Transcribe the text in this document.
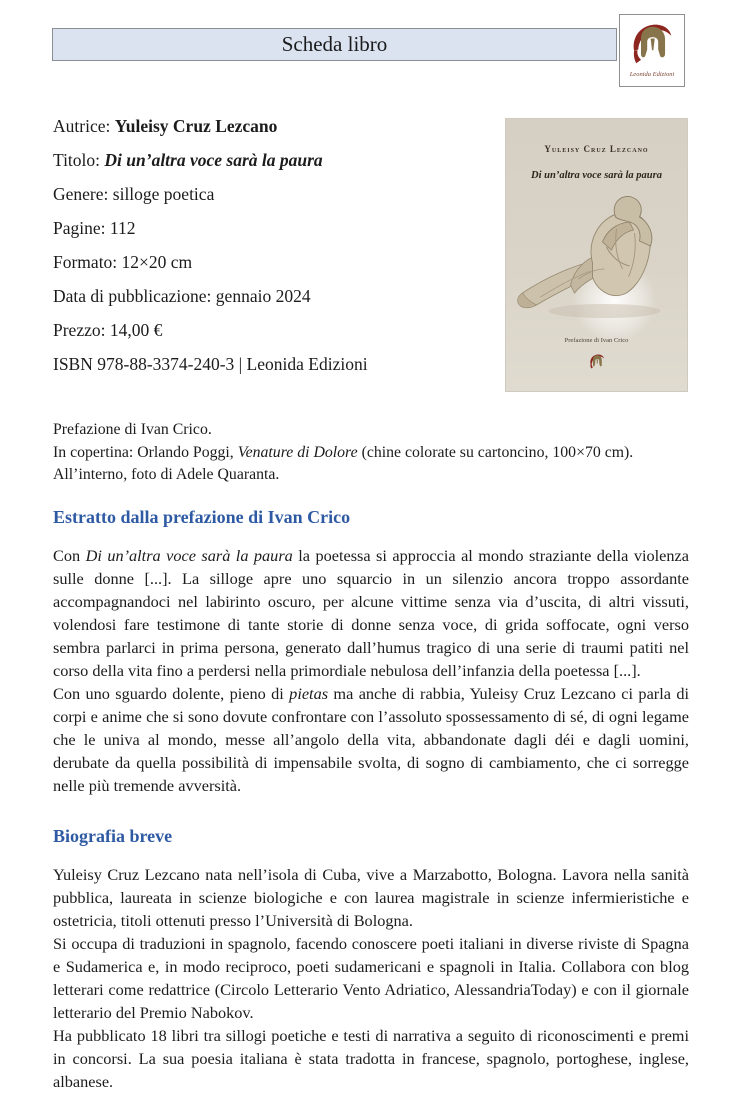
Scheda libro
Leonida Edizioni
Autrice: Yuleisy Cruz Lezcano
Titolo: Di un’altra voce sarà la paura
Genere: silloge poetica
Pagine: 112
Formato: 12×20 cm
Data di pubblicazione: gennaio 2024
Prezzo: 14,00 €
ISBN 978-88-3374-240-3 | Leonida Edizioni
Yuleisy Cruz Lezcano
Di un’altra voce sarà la paura
Prefazione di Ivan Crico
Prefazione di Ivan Crico.
In copertina: Orlando Poggi, Venature di Dolore (chine colorate su cartoncino, 100×70 cm).
All’interno, foto di Adele Quaranta.
Estratto dalla prefazione di Ivan Crico

Con Di un’altra voce sarà la paura la poetessa si approccia al mondo straziante della violenza sulle donne [...]. La silloge apre uno squarcio in un silenzio ancora troppo assordante accompagnandoci nel labirinto oscuro, per alcune vittime senza via d’uscita, di altri vissuti, volendosi fare testimone di tante storie di donne senza voce, di grida soffocate, ogni verso sembra parlarci in prima persona, generato dall’humus tragico di una serie di traumi patiti nel corso della vita fino a perdersi nella primordiale nebulosa dell’infanzia della poetessa [...].

Con uno sguardo dolente, pieno di pietas ma anche di rabbia, Yuleisy Cruz Lezcano ci parla di corpi e anime che si sono dovute confrontare con l’assoluto spossessamento di sé, di ogni legame che le univa al mondo, messe all’angolo della vita, abbandonate dagli déi e dagli uomini, derubate da quella possibilità di impensabile svolta, di sogno di cambiamento, che ci sorregge nelle più tremende avversità.

Biografia breve

Yuleisy Cruz Lezcano nata nell’isola di Cuba, vive a Marzabotto, Bologna. Lavora nella sanità pubblica, laureata in scienze biologiche e con laurea magistrale in scienze infermieristiche e ostetricia, titoli ottenuti presso l’Università di Bologna.

Si occupa di traduzioni in spagnolo, facendo conoscere poeti italiani in diverse riviste di Spagna e Sudamerica e, in modo reciproco, poeti sudamericani e spagnoli in Italia. Collabora con blog letterari come redattrice (Circolo Letterario Vento Adriatico, AlessandriaToday) e con il giornale letterario del Premio Nabokov.

Ha pubblicato 18 libri tra sillogi poetiche e testi di narrativa a seguito di riconoscimenti e premi in concorsi. La sua poesia italiana è stata tradotta in francese, spagnolo, portoghese, inglese, albanese.
